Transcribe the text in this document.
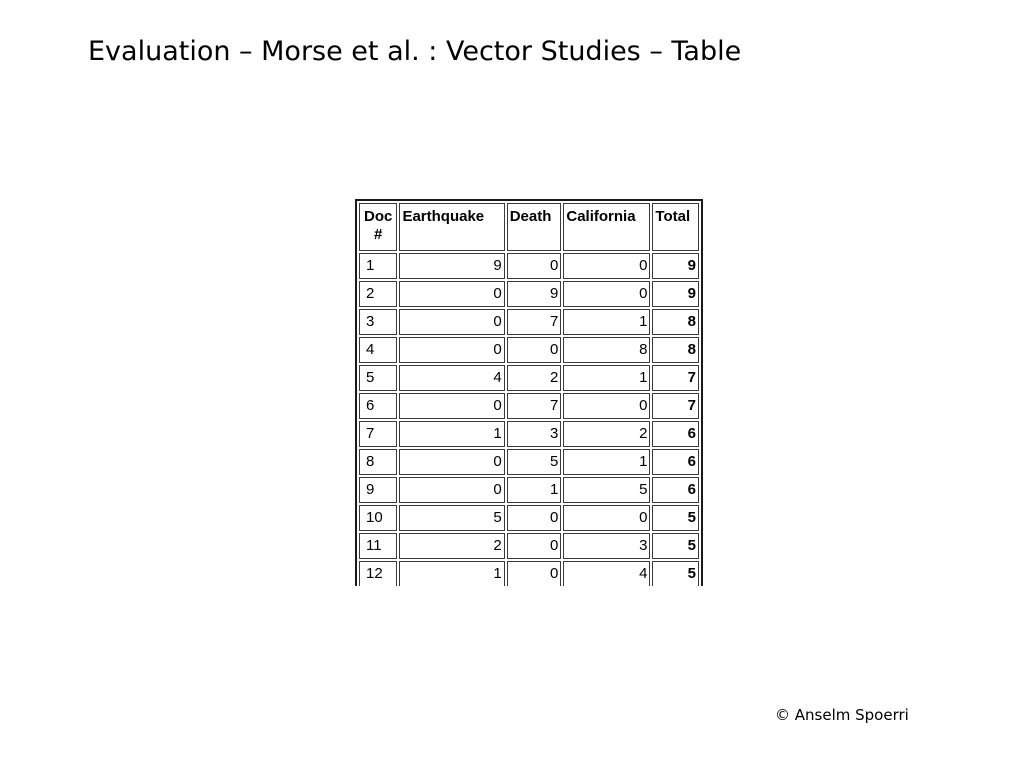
Evaluation – Morse et al. : Vector Studies – Table
Doc
#	Earthquake	Death	California	Total
1	9	0	0	9
2	0	9	0	9
3	0	7	1	8
4	0	0	8	8
5	4	2	1	7
6	0	7	0	7
7	1	3	2	6
8	0	5	1	6
9	0	1	5	6
10	5	0	0	5
11	2	0	3	5
12	1	0	4	5

© Anselm Spoerri
